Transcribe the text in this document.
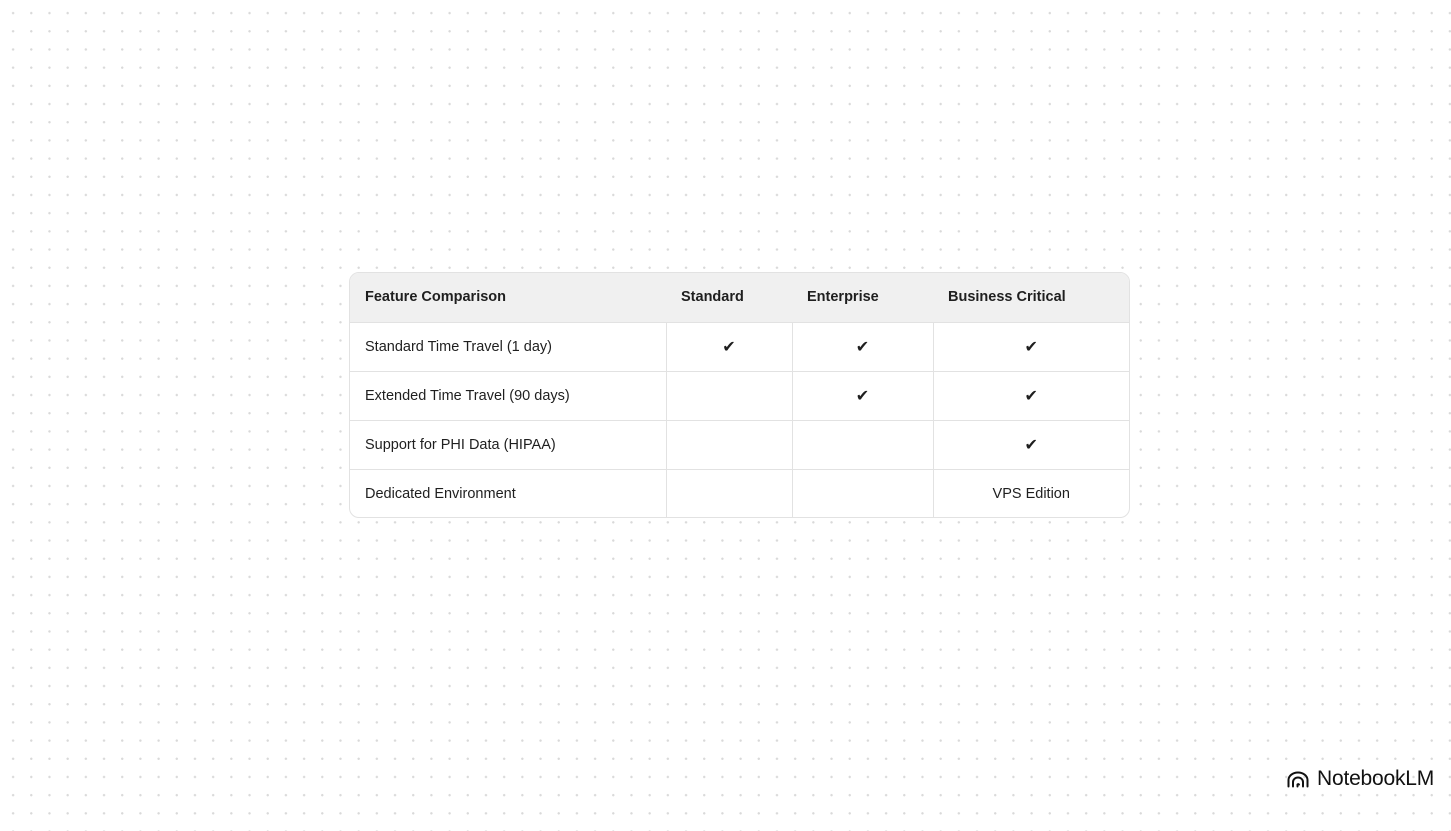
Feature Comparison	Standard	Enterprise	Business Critical
Standard Time Travel (1 day)	✔	✔	✔
Extended Time Travel (90 days)		✔	✔
Support for PHI Data (HIPAA)			✔
Dedicated Environment			VPS Edition
NotebookLM
